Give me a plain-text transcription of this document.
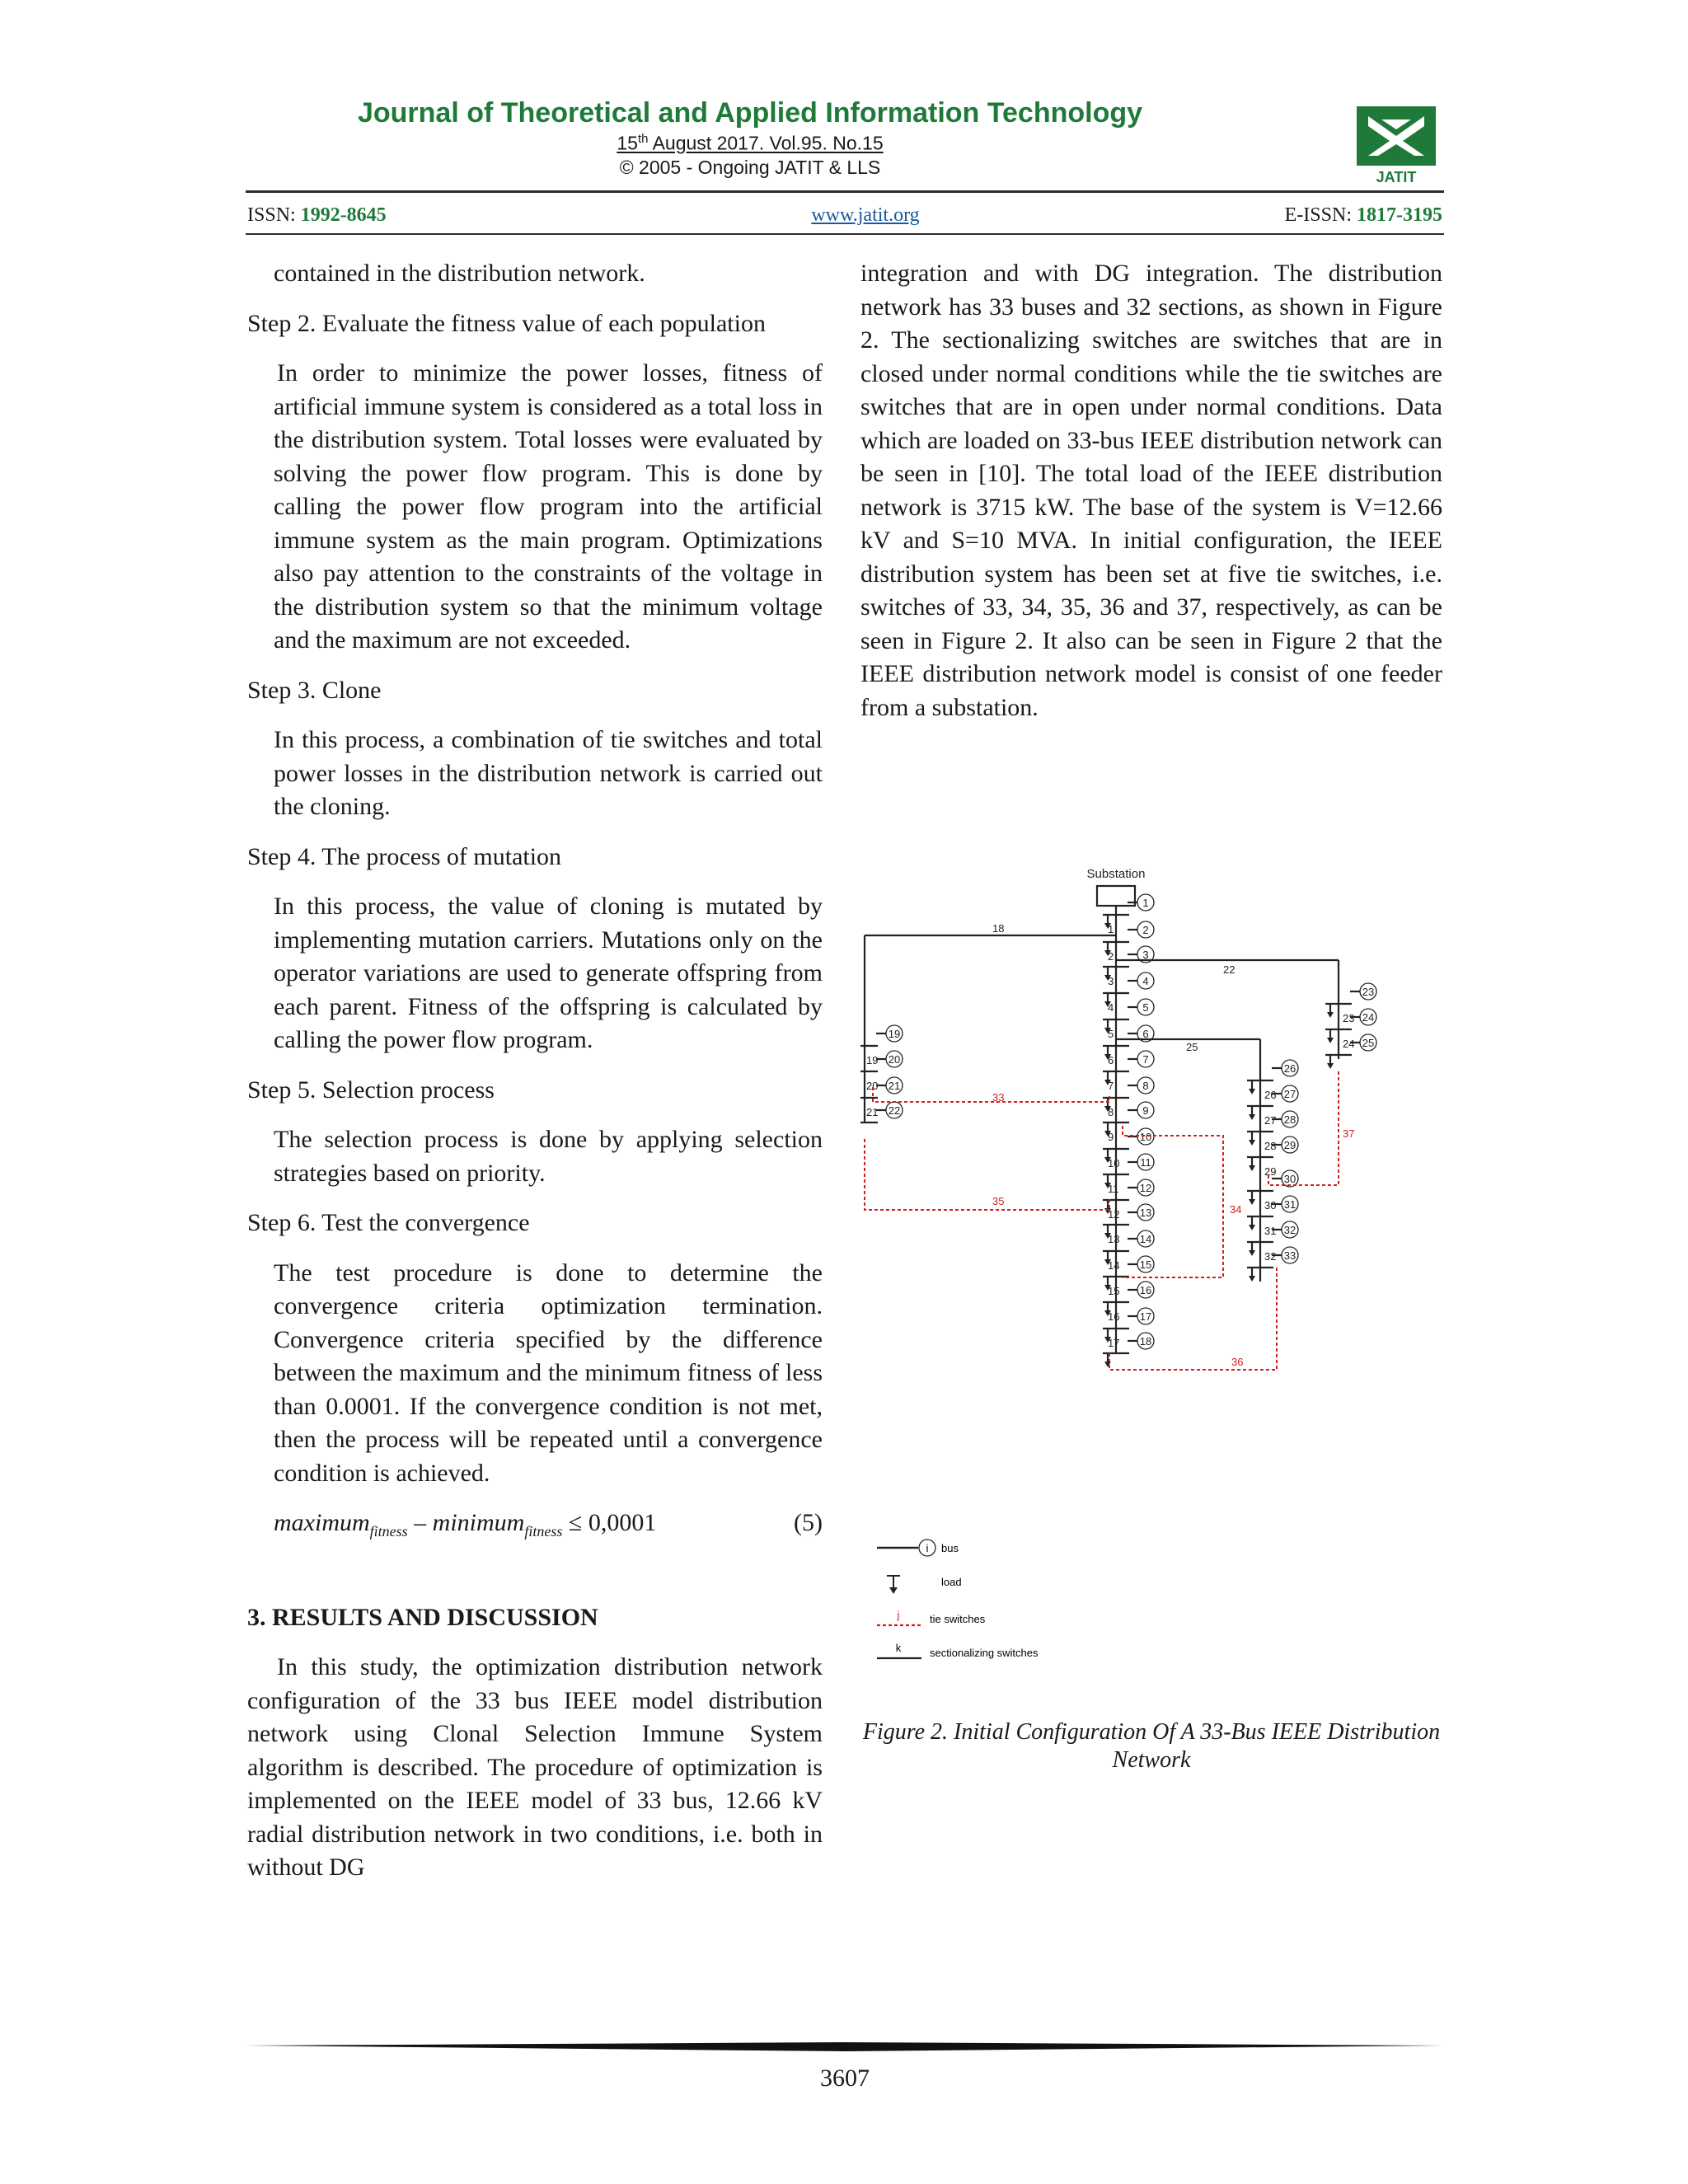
Journal of Theoretical and Applied Information Technology
15th August 2017. Vol.95. No.15
© 2005 - Ongoing JATIT & LLS	JATIT
ISSN: 1992-8645	www.jatit.org	E-ISSN: 1817-3195

contained in the distribution network.

Step 2. Evaluate the fitness value of each population

In order to minimize the power losses, fitness of artificial immune system is considered as a total loss in the distribution system. Total losses were evaluated by solving the power flow program. This is done by calling the power flow program into the artificial immune system as the main program. Optimizations also pay attention to the constraints of the voltage in the distribution system so that the minimum voltage and the maximum are not exceeded.

Step 3. Clone

In this process, a combination of tie switches and total power losses in the distribution network is carried out the cloning.

Step 4. The process of mutation

In this process, the value of cloning is mutated by implementing mutation carriers. Mutations only on the operator variations are used to generate offspring from each parent. Fitness of the offspring is calculated by calling the power flow program.

Step 5. Selection process

The selection process is done by applying selection strategies based on priority.

Step 6. Test the convergence

The test procedure is done to determine the convergence criteria optimization termination. Convergence criteria specified by the difference between the maximum and the minimum fitness of less than 0.0001. If the convergence condition is not met, then the process will be repeated until a convergence condition is achieved.

maximum$_{fitness}$ – minimum$_{fitness}$ ≤ 0,0001	(5)

3. RESULTS AND DISCUSSION

In this study, the optimization distribution network configuration of the 33 bus IEEE model distribution network using Clonal Selection Immune System algorithm is described. The procedure of optimization is implemented on the IEEE model of 33 bus, 12.66 kV radial distribution network in two conditions, i.e. both in without DG

integration and with DG integration. The distribution network has 33 buses and 32 sections, as shown in Figure 2. The sectionalizing switches are switches that are in closed under normal conditions while the tie switches are switches that are in open under normal conditions. Data which are loaded on 33-bus IEEE distribution network can be seen in [10]. The total load of the IEEE distribution network is 3715 kW. The base of the system is V=12.66 kV and S=10 MVA. In initial configuration, the IEEE distribution system has been set at five tie switches, i.e. switches of 33, 34, 35, 36 and 37, respectively, as can be seen in Figure 2. It also can be seen in Figure 2 that the IEEE distribution network model is consist of one feeder from a substation.

Substation
1
1	2
2	3
3	4
4	5
5	6
6	7
7	8
8	9
9 10
10 11
11 12
12 13
13 14
14 15
15 16
16 17
17 18
18
19
19 20
20 21
21 22
22
23
23 24
24 25
25
26
26 27
27 28
28 29
29
30
30 31
31 32
32 33
33
34
35
36
37
i bus
load
j	tie switches
k	sectionalizing switches
Figure 2. Initial Configuration Of A 33-Bus IEEE Distribution Network
3607
